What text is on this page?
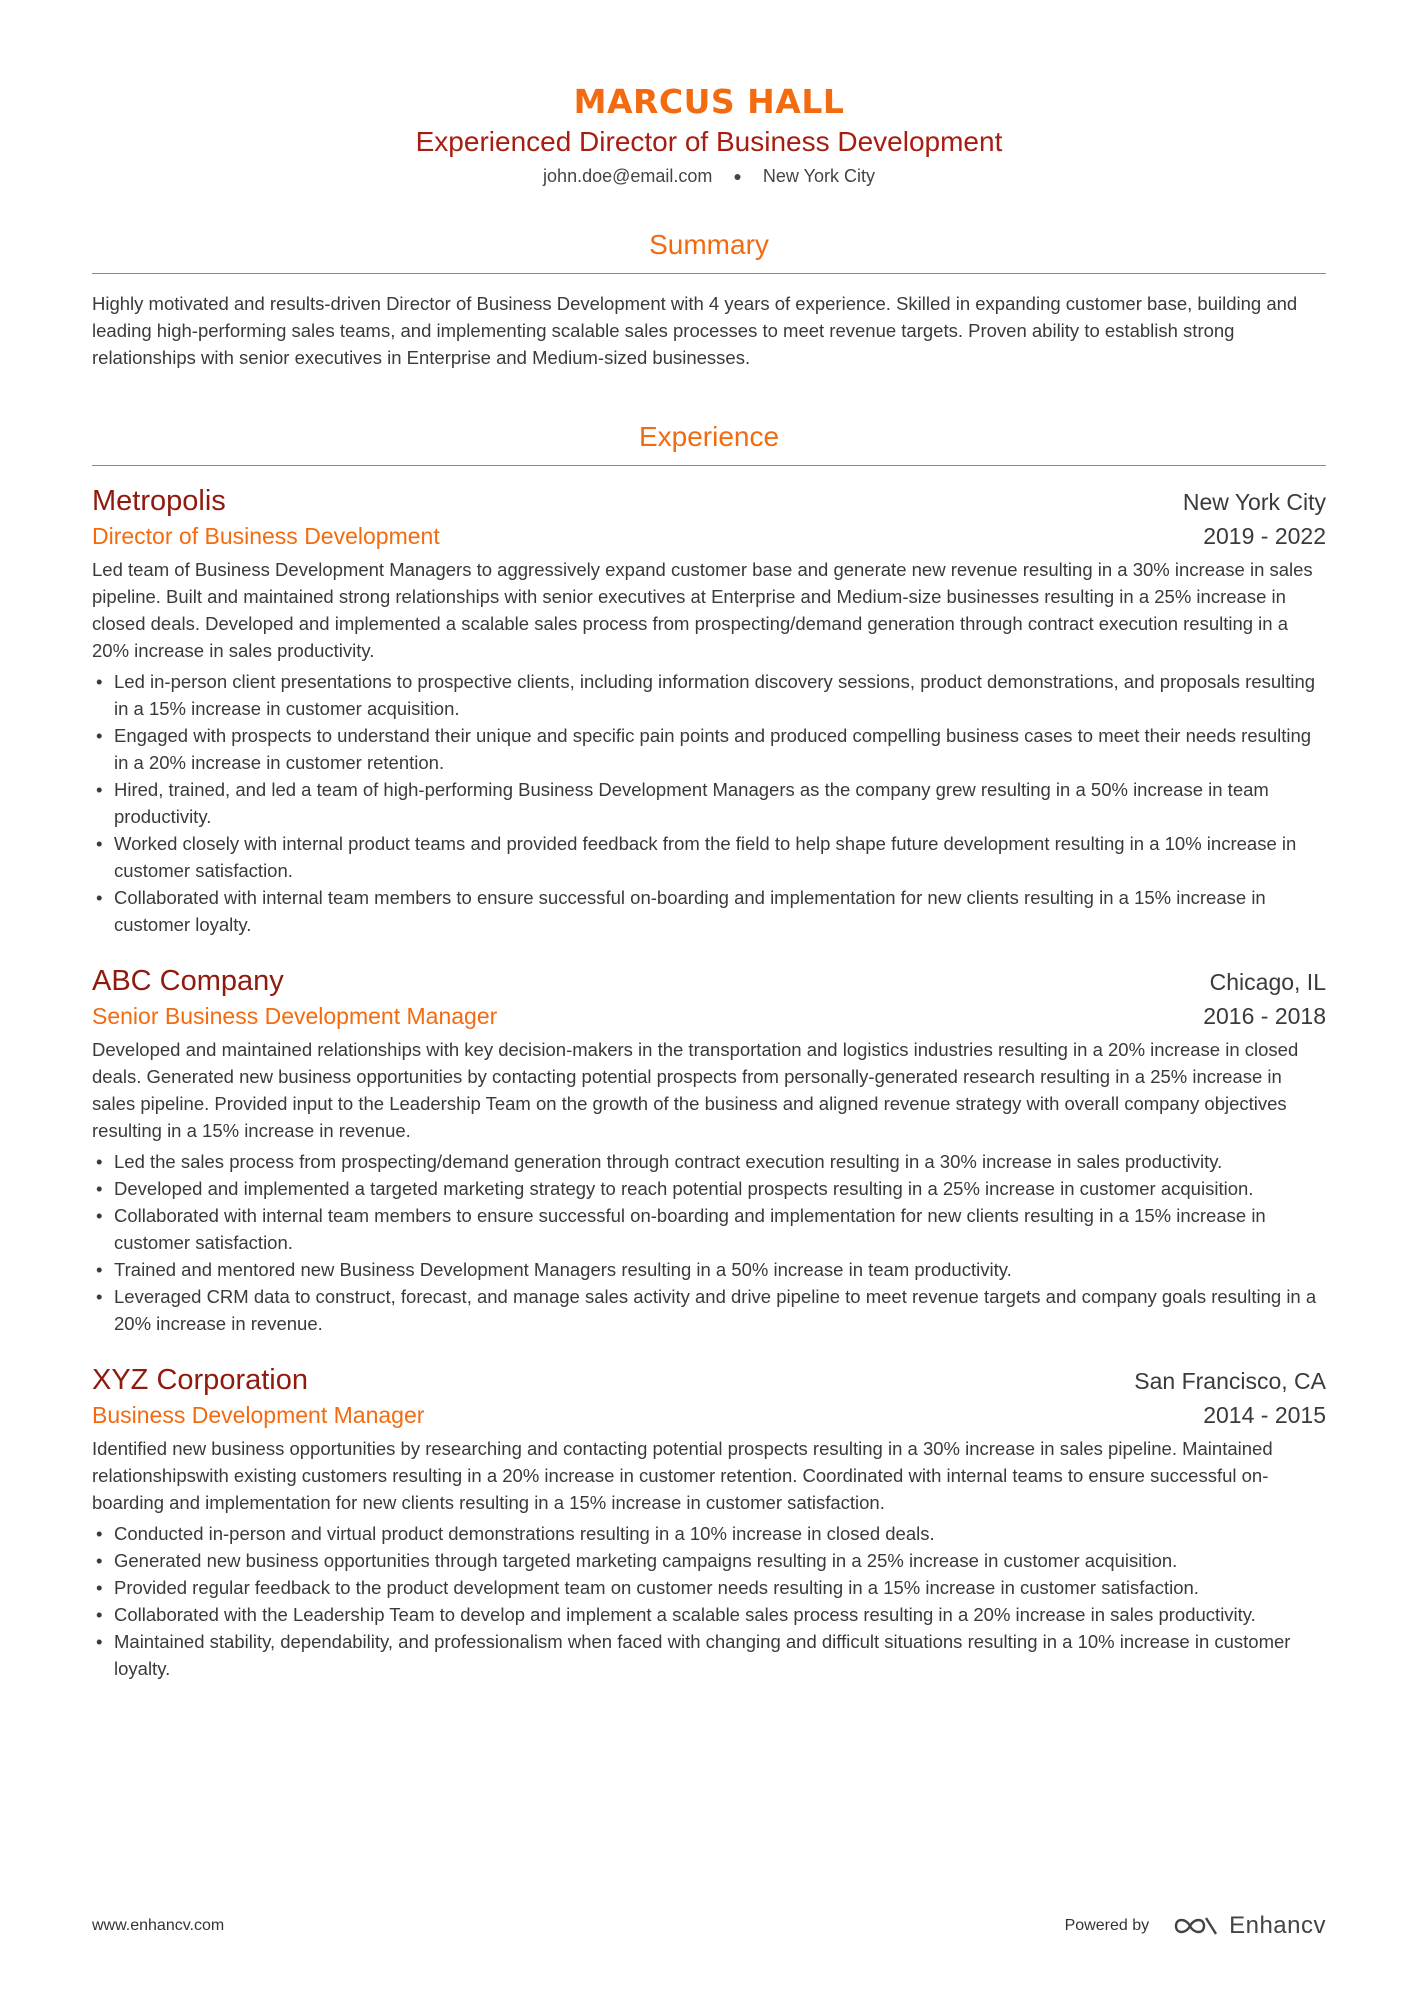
MARCUS HALL
Experienced Director of Business Development
john.doe@email.com ● New York City
Summary
Highly motivated and results-driven Director of Business Development with 4 years of experience. Skilled in expanding customer base, building and leading high-performing sales teams, and implementing scalable sales processes to meet revenue targets. Proven ability to establish strong relationships with senior executives in Enterprise and Medium-sized businesses.
Experience
Metropolis	New York City
Director of Business Development	2019 - 2022
Led team of Business Development Managers to aggressively expand customer base and generate new revenue resulting in a 30% increase in sales pipeline. Built and maintained strong relationships with senior executives at Enterprise and Medium-size businesses resulting in a 25% increase in closed deals. Developed and implemented a scalable sales process from prospecting/demand generation through contract execution resulting in a 20% increase in sales productivity.
• Led in-person client presentations to prospective clients, including information discovery sessions, product demonstrations, and proposals resulting in a 15% increase in customer acquisition.
• Engaged with prospects to understand their unique and specific pain points and produced compelling business cases to meet their needs resulting in a 20% increase in customer retention.
• Hired, trained, and led a team of high-performing Business Development Managers as the company grew resulting in a 50% increase in team productivity.
• Worked closely with internal product teams and provided feedback from the field to help shape future development resulting in a 10% increase in customer satisfaction.
• Collaborated with internal team members to ensure successful on-boarding and implementation for new clients resulting in a 15% increase in customer loyalty.
ABC Company	Chicago, IL
Senior Business Development Manager	2016 - 2018
Developed and maintained relationships with key decision-makers in the transportation and logistics industries resulting in a 20% increase in closed deals. Generated new business opportunities by contacting potential prospects from personally-generated research resulting in a 25% increase in sales pipeline. Provided input to the Leadership Team on the growth of the business and aligned revenue strategy with overall company objectives resulting in a 15% increase in revenue.
• Led the sales process from prospecting/demand generation through contract execution resulting in a 30% increase in sales productivity.
• Developed and implemented a targeted marketing strategy to reach potential prospects resulting in a 25% increase in customer acquisition.
• Collaborated with internal team members to ensure successful on-boarding and implementation for new clients resulting in a 15% increase in customer satisfaction.
• Trained and mentored new Business Development Managers resulting in a 50% increase in team productivity.
• Leveraged CRM data to construct, forecast, and manage sales activity and drive pipeline to meet revenue targets and company goals resulting in a 20% increase in revenue.
XYZ Corporation	San Francisco, CA
Business Development Manager	2014 - 2015
Identified new business opportunities by researching and contacting potential prospects resulting in a 30% increase in sales pipeline. Maintained relationshipswith existing customers resulting in a 20% increase in customer retention. Coordinated with internal teams to ensure successful on-boarding and implementation for new clients resulting in a 15% increase in customer satisfaction.
• Conducted in-person and virtual product demonstrations resulting in a 10% increase in closed deals.
• Generated new business opportunities through targeted marketing campaigns resulting in a 25% increase in customer acquisition.
• Provided regular feedback to the product development team on customer needs resulting in a 15% increase in customer satisfaction.
• Collaborated with the Leadership Team to develop and implement a scalable sales process resulting in a 20% increase in sales productivity.
• Maintained stability, dependability, and professionalism when faced with changing and difficult situations resulting in a 10% increase in customer loyalty.
www.enhancv.com	Powered by	Enhancv
